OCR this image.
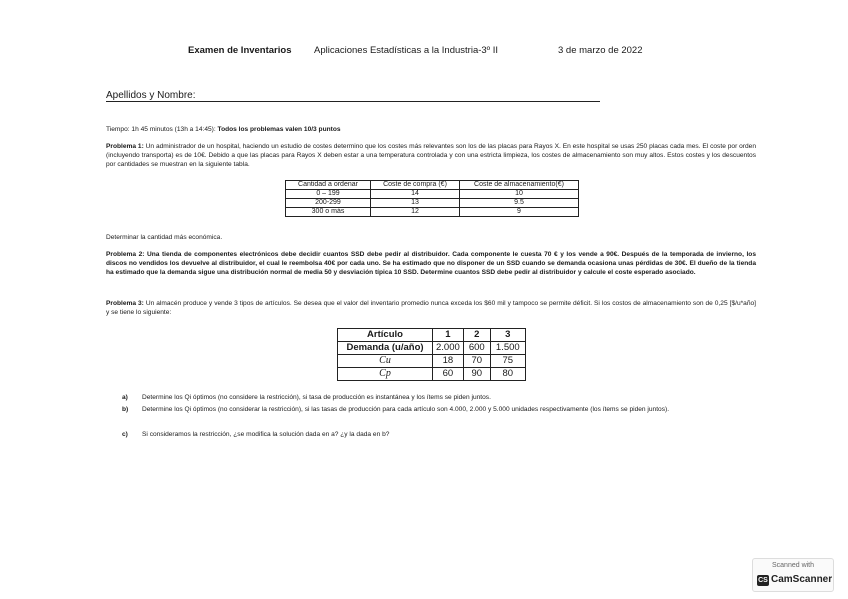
Examen de Inventarios Aplicaciones Estadísticas a la Industria-3º II	3 de marzo de 2022
Apellidos y Nombre:
Tiempo: 1h 45 minutos (13h a 14:45): Todos los problemas valen 10/3 puntos
Problema 1: Un administrador de un hospital, haciendo un estudio de costes determino que los costes más relevantes son los de las placas para Rayos X. En este hospital se usas 250 placas cada mes. El coste por orden (incluyendo transporta) es de 10€. Debido a que las placas para Rayos X deben estar a una temperatura controlada y con una estricta limpieza, los costes de almacenamiento son muy altos. Estos costes y los descuentos por cantidades se muestran en la siguiente tabla.
Cantidad a ordenar	Coste de compra (€)	Coste de almacenamiento(€)
0 – 199	14	10
200-299	13	9.5
300 o más	12	9
Determinar la cantidad más económica.
Problema 2: Una tienda de componentes electrónicos debe decidir cuantos SSD debe pedir al distribuidor. Cada componente le cuesta 70 € y los vende a 90€. Después de la temporada de invierno, los discos no vendidos los devuelve al distribuidor, el cual le reembolsa 40€ por cada uno. Se ha estimado que no disponer de un SSD cuando se demanda ocasiona unas pérdidas de 30€. El dueño de la tienda ha estimado que la demanda sigue una distribución normal de media 50 y desviación típica 10 SSD. Determine cuantos SSD debe pedir al distribuidor y calcule el coste esperado asociado.
Problema 3: Un almacén produce y vende 3 tipos de artículos. Se desea que el valor del inventario promedio nunca exceda los $60 mil y tampoco se permite déficit. Si los costos de almacenamiento son de 0,25 [$/u*año] y se tiene lo siguiente:
Artículo	1	2	3
Demanda (u/año)	2.000	600	1.500
Cu	18	70	75
Cp	60	90	80
a) Determine los Qi óptimos (no considere la restricción), si tasa de producción es instantánea y los ítems se piden juntos.
b) Determine los Qi óptimos (no considerar la restricción), si las tasas de producción para cada artículo son 4.000, 2.000 y 5.000 unidades respectivamente (los ítems se piden juntos).
c) Si consideramos la restricción, ¿se modifica la solución dada en a? ¿y la dada en b?
Scanned with
CS CamScanner
